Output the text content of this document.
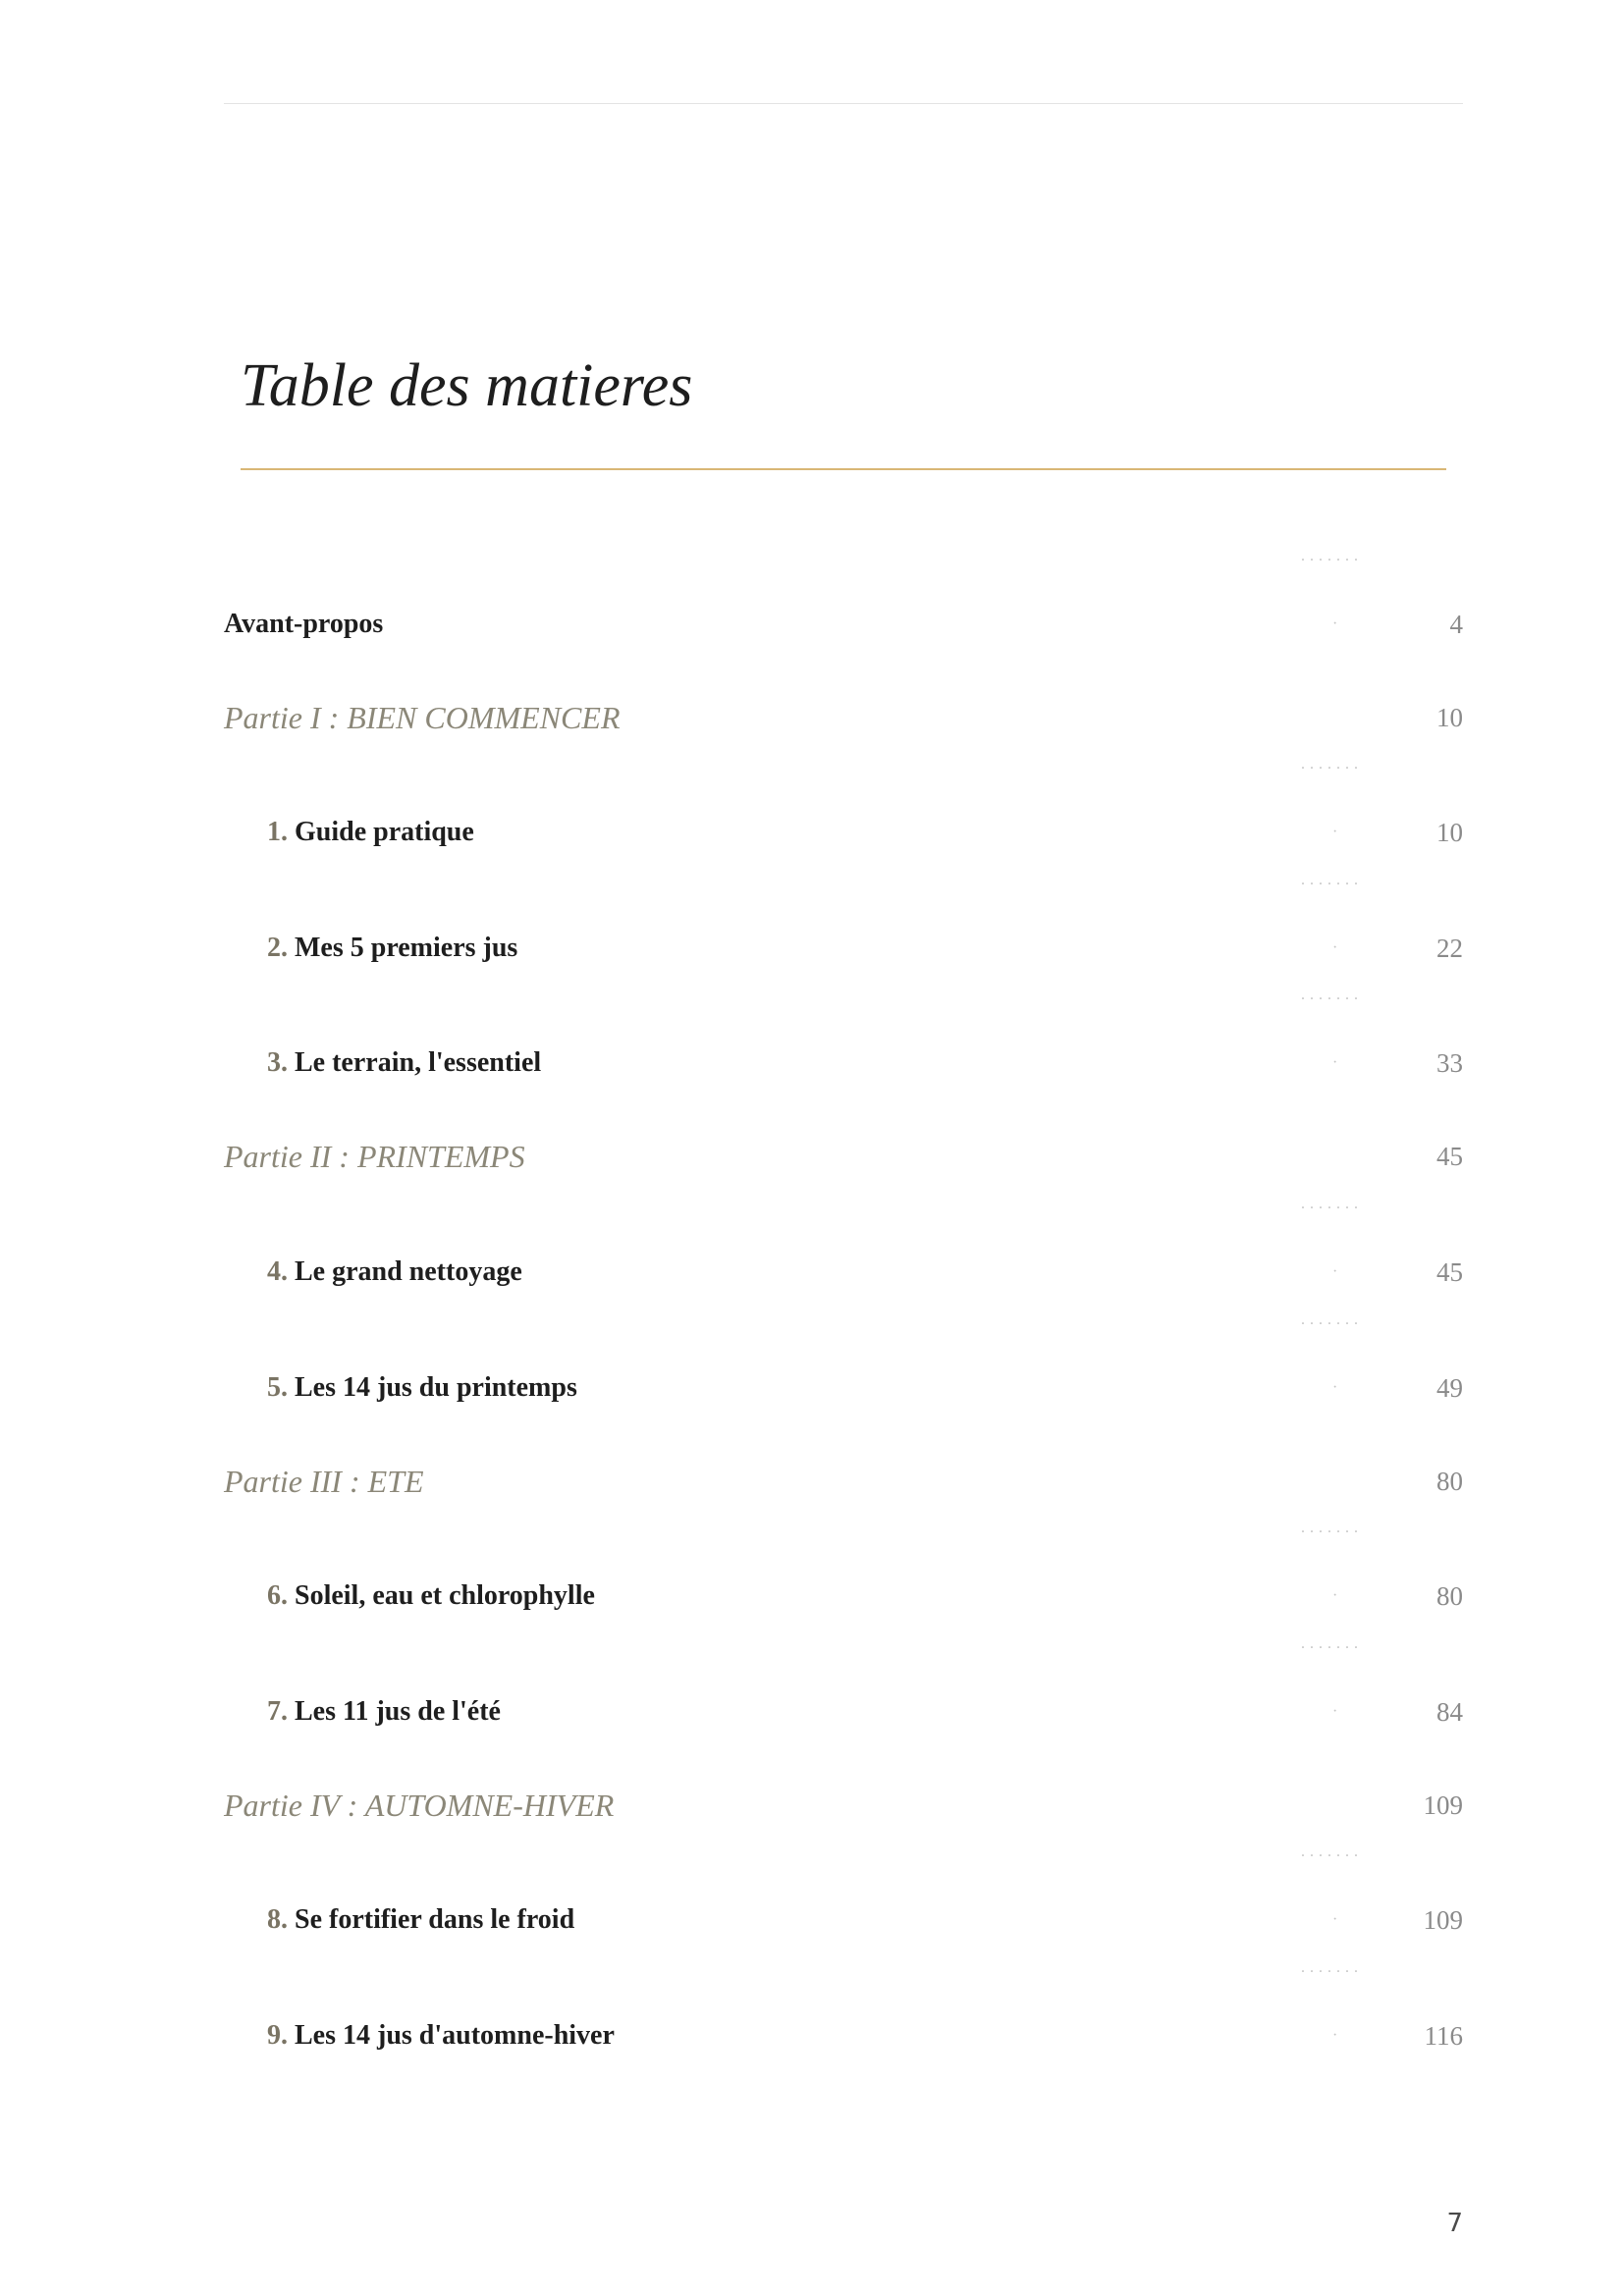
Table des matieres
.......
·
Avant-propos	4
Partie I : BIEN COMMENCER	10
.......
·
1. Guide pratique	10
.......
·
2. Mes 5 premiers jus	22
.......
·
3. Le terrain, l'essentiel	33
Partie II : PRINTEMPS	45
.......
·
4. Le grand nettoyage	45
.......
·
5. Les 14 jus du printemps	49
Partie III : ETE	80
.......
·
6. Soleil, eau et chlorophylle	80
.......
·
7. Les 11 jus de l'été	84
Partie IV : AUTOMNE-HIVER	109
.......
·
8. Se fortifier dans le froid	109
.......
·
9. Les 14 jus d'automne-hiver	116
7
